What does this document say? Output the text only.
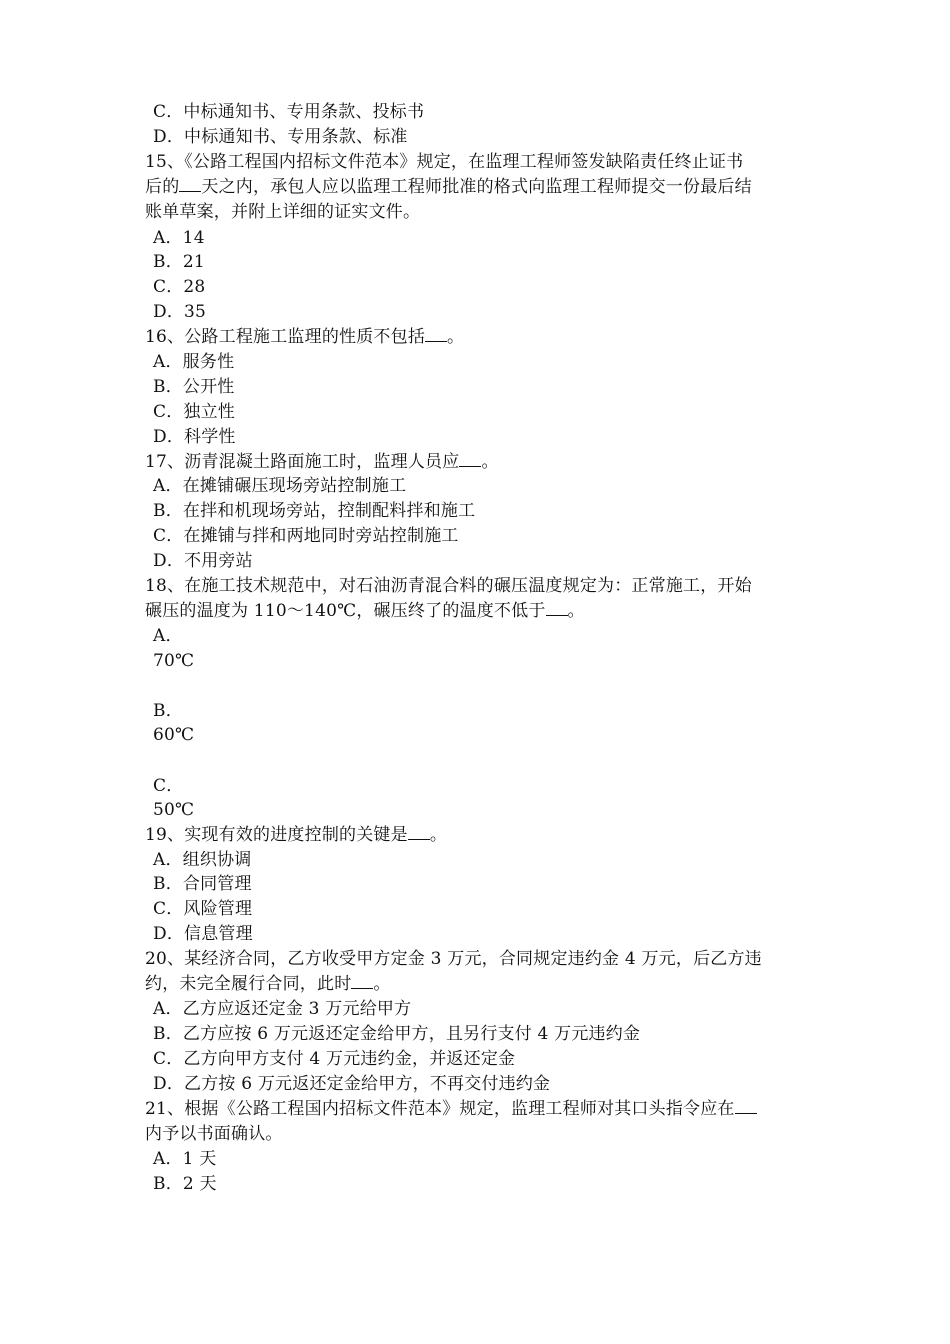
C．中标通知书、专用条款、投标书
D．中标通知书、专用条款、标准
15、《公路工程国内招标文件范本》规定，在监理工程师签发缺陷责任终止证书
后的 天之内，承包人应以监理工程师批准的格式向监理工程师提交一份最后结
账单草案，并附上详细的证实文件。
A．14
B．21
C．28
D．35
16、公路工程施工监理的性质不包括 。
A．服务性
B．公开性
C．独立性
D．科学性
17、沥青混凝土路面施工时，监理人员应 。
A．在摊铺碾压现场旁站控制施工
B．在拌和机现场旁站，控制配料拌和施工
C．在摊铺与拌和两地同时旁站控制施工
D．不用旁站
18、在施工技术规范中，对石油沥青混合料的碾压温度规定为：正常施工，开始
碾压的温度为 110～140℃，碾压终了的温度不低于 。
A．
70℃
B．
60℃
C．
50℃
19、实现有效的进度控制的关键是 。
A．组织协调
B．合同管理
C．风险管理
D．信息管理
20、某经济合同，乙方收受甲方定金 3 万元，合同规定违约金 4 万元，后乙方违
约，未完全履行合同，此时 。
A．乙方应返还定金 3 万元给甲方
B．乙方应按 6 万元返还定金给甲方，且另行支付 4 万元违约金
C．乙方向甲方支付 4 万元违约金，并返还定金
D．乙方按 6 万元返还定金给甲方，不再交付违约金
21、根据《公路工程国内招标文件范本》规定，监理工程师对其口头指令应在
内予以书面确认。
A．1 天
B．2 天
